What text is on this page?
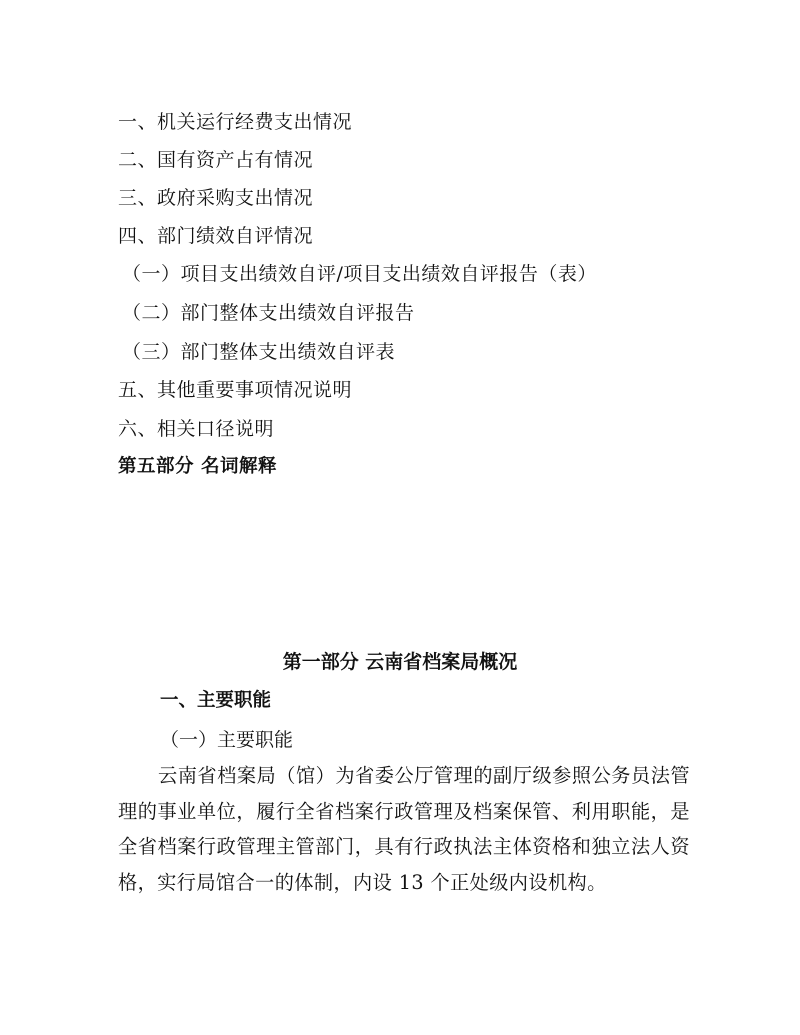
一、机关运行经费支出情况
二、国有资产占有情况
三、政府采购支出情况
四、部门绩效自评情况
（一）项目支出绩效自评/项目支出绩效自评报告（表）
（二）部门整体支出绩效自评报告
（三）部门整体支出绩效自评表
五、其他重要事项情况说明
六、相关口径说明
第五部分 名词解释
第一部分 云南省档案局概况
一、主要职能
（一）主要职能
云南省档案局（馆）为省委公厅管理的副厅级参照公务员法管理的事业单位，履行全省档案行政管理及档案保管、利用职能，是全省档案行政管理主管部门，具有行政执法主体资格和独立法人资格，实行局馆合一的体制，内设 13 个正处级内设机构。
